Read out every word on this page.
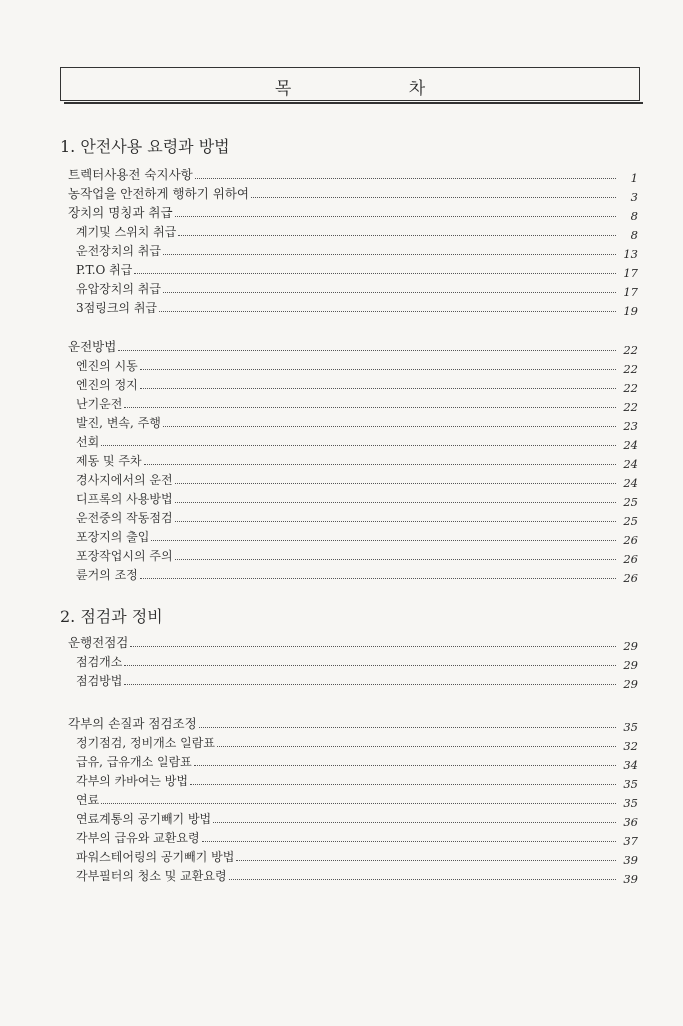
목 차
1. 안전사용 요령과 방법
트렉터사용전 숙지사항	1
농작업을 안전하게 행하기 위하여	3
장치의 명칭과 취급	8
계기및 스위치 취급	8
운전장치의 취급	13
P.T.O 취급	17
유압장치의 취급	17
3점링크의 취급	19
운전방법	22
엔진의 시동	22
엔진의 정지	22
난기운전	22
발진, 변속, 주행	23
선회	24
제동 및 주차	24
경사지에서의 운전	24
디프록의 사용방법	25
운전중의 작동점검	25
포장지의 출입	26
포장작업시의 주의	26
륜거의 조정	26
2. 점검과 정비
운행전점검	29
점검개소	29
점검방법	29
각부의 손질과 점검조정	35
정기점검, 정비개소 일람표	32
급유, 급유개소 일람표	34
각부의 카바여는 방법	35
연료	35
연료계통의 공기빼기 방법	36
각부의 급유와 교환요령	37
파워스테어링의 공기빼기 방법	39
각부필터의 청소 및 교환요령	39
